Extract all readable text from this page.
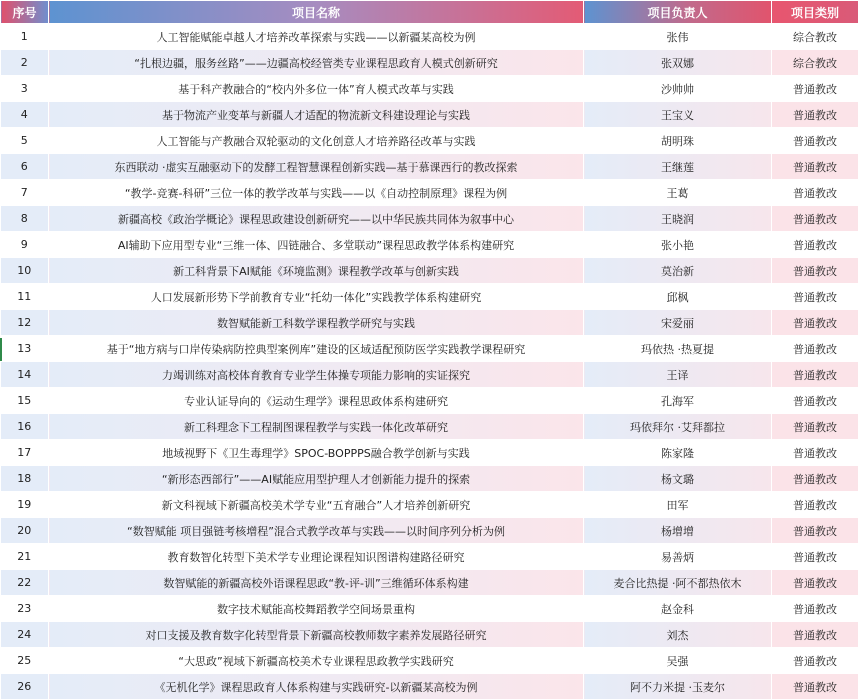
序号	项目名称	项目负责人	项目类别
1	人工智能赋能卓越人才培养改革探索与实践——以新疆某高校为例	张伟	综合教改
2	“扎根边疆，服务丝路”——边疆高校经管类专业课程思政育人模式创新研究	张双娜	综合教改
3	基于科产教融合的“校内外多位一体”育人模式改革与实践	沙帅帅	普通教改
4	基于物流产业变革与新疆人才适配的物流新文科建设理论与实践	王宝义	普通教改
5	人工智能与产教融合双轮驱动的文化创意人才培养路径改革与实践	胡明珠	普通教改
6	东西联动 ·虚实互融驱动下的发酵工程智慧课程创新实践—基于慕课西行的教改探索	王继莲	普通教改
7	“教学-竞赛-科研”三位一体的教学改革与实践——以《自动控制原理》课程为例	王葛	普通教改
8	新疆高校《政治学概论》课程思政建设创新研究——以中华民族共同体为叙事中心	王晓润	普通教改
9	AI辅助下应用型专业“三维一体、四链融合、多堂联动”课程思政教学体系构建研究	张小艳	普通教改
10	新工科背景下AI赋能《环境监测》课程教学改革与创新实践	莫治新	普通教改
11	人口发展新形势下学前教育专业“托幼一体化”实践教学体系构建研究	邱枫	普通教改
12	数智赋能新工科数学课程教学研究与实践	宋爱丽	普通教改
13	基于“地方病与口岸传染病防控典型案例库”建设的区域适配预防医学实践教学课程研究	玛依热 ·热夏提	普通教改
14	力竭训练对高校体育教育专业学生体操专项能力影响的实证探究	王译	普通教改
15	专业认证导向的《运动生理学》课程思政体系构建研究	孔海军	普通教改
16	新工科理念下工程制图课程教学与实践一体化改革研究	玛依拜尔 ·艾拜都拉	普通教改
17	地域视野下《卫生毒理学》SPOC-BOPPPS融合教学创新与实践	陈家隆	普通教改
18	“新形态西部行”——AI赋能应用型护理人才创新能力提升的探索	杨文璐	普通教改
19	新文科视域下新疆高校美术学专业“五育融合”人才培养创新研究	田军	普通教改
20	“数智赋能 项目强链考核增程”混合式教学改革与实践——以时间序列分析为例	杨增增	普通教改
21	教育数智化转型下美术学专业理论课程知识图谱构建路径研究	易善炳	普通教改
22	数智赋能的新疆高校外语课程思政“教-评-训”三维循环体系构建	麦合比热提 ·阿不都热依木	普通教改
23	数字技术赋能高校舞蹈教学空间场景重构	赵金科	普通教改
24	对口支援及教育数字化转型背景下新疆高校教师数字素养发展路径研究	刘杰	普通教改
25	“大思政”视域下新疆高校美术专业课程思政教学实践研究	吴强	普通教改
26	《无机化学》课程思政育人体系构建与实践研究-以新疆某高校为例	阿不力米提 ·玉麦尔	普通教改
